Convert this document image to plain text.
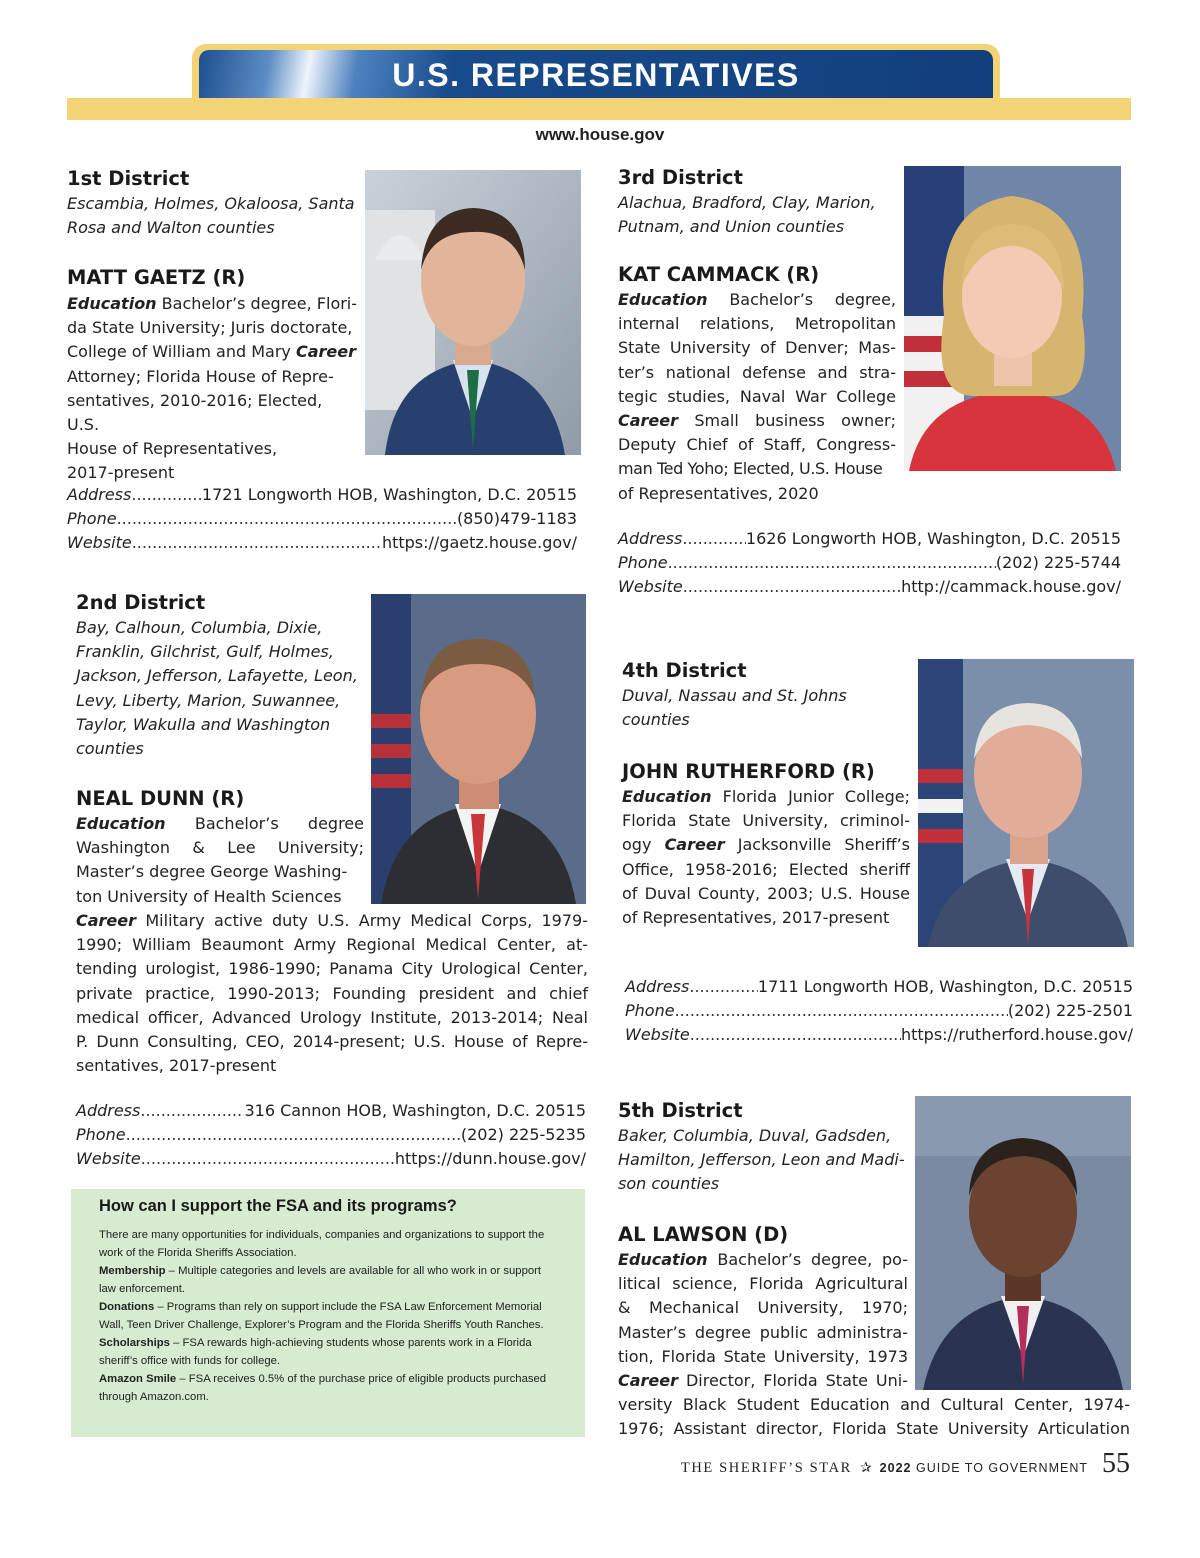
U.S. REPRESENTATIVES
www.house.gov
1st District
Escambia, Holmes, Okaloosa, Santa
Rosa and Walton counties
MATT GAETZ (R)
Education Bachelor’s degree, Flori-
da State University; Juris doctorate,
College of William and Mary Career
Attorney; Florida House of Repre-
sentatives, 2010-2016; Elected, U.S.
House of Representatives,
2017-present
Address .....	1721 Longworth HOB, Washington, D.C. 20515
Phone .....	(850)479-1183
Website .....	https://gaetz.house.gov/
2nd District
Bay, Calhoun, Columbia, Dixie,
Franklin, Gilchrist, Gulf, Holmes,
Jackson, Jefferson, Lafayette, Leon,
Levy, Liberty, Marion, Suwannee,
Taylor, Wakulla and Washington
counties
NEAL DUNN (R)
Education Bachelor’s degree
Washington & Lee University;
Master’s degree George Washing-
ton University of Health Sciences
Career Military active duty U.S. Army Medical Corps, 1979-
1990; William Beaumont Army Regional Medical Center, at-
tending urologist, 1986-1990; Panama City Urological Center,
private practice, 1990-2013; Founding president and chief
medical officer, Advanced Urology Institute, 2013-2014; Neal
P. Dunn Consulting, CEO, 2014-present; U.S. House of Repre-
sentatives, 2017-present
Address .....	316 Cannon HOB, Washington, D.C. 20515
Phone .....	(202) 225-5235
Website .....	https://dunn.house.gov/
How can I support the FSA and its programs?
There are many opportunities for individuals, companies and organizations to support the work of the Florida Sheriffs Association.
Membership – Multiple categories and levels are available for all who work in or support law enforcement.
Donations – Programs than rely on support include the FSA Law Enforcement Memorial Wall, Teen Driver Challenge, Explorer’s Program and the Florida Sheriffs Youth Ranches.
Scholarships – FSA rewards high-achieving students whose parents work in a Florida sheriff’s office with funds for college.
Amazon Smile – FSA receives 0.5% of the purchase price of eligible products purchased through Amazon.com.
3rd District
Alachua, Bradford, Clay, Marion,
Putnam, and Union counties
KAT CAMMACK (R)
Education Bachelor’s degree,
internal relations, Metropolitan
State University of Denver; Mas-
ter’s national defense and stra-
tegic studies, Naval War College
Career Small business owner;
Deputy Chief of Staff, Congress-
man Ted Yoho; Elected, U.S. House
of Representatives, 2020
Address .....	1626 Longworth HOB, Washington, D.C. 20515
Phone .....	(202) 225-5744
Website .....	http://cammack.house.gov/
4th District
Duval, Nassau and St. Johns
counties
JOHN RUTHERFORD (R)
Education Florida Junior College;
Florida State University, criminol-
ogy Career Jacksonville Sheriff’s
Office, 1958-2016; Elected sheriff
of Duval County, 2003; U.S. House
of Representatives, 2017-present
Address .....	1711 Longworth HOB, Washington, D.C. 20515
Phone .....	(202) 225-2501
Website .....	https://rutherford.house.gov/
5th District
Baker, Columbia, Duval, Gadsden,
Hamilton, Jefferson, Leon and Madi-
son counties
AL LAWSON (D)
Education Bachelor’s degree, po-
litical science, Florida Agricultural
& Mechanical University, 1970;
Master’s degree public administra-
tion, Florida State University, 1973
Career Director, Florida State Uni-
versity Black Student Education and Cultural Center, 1974-
1976; Assistant director, Florida State University Articulation
THE SHERIFF’S STAR ✰ 2022 GUIDE TO GOVERNMENT 55
